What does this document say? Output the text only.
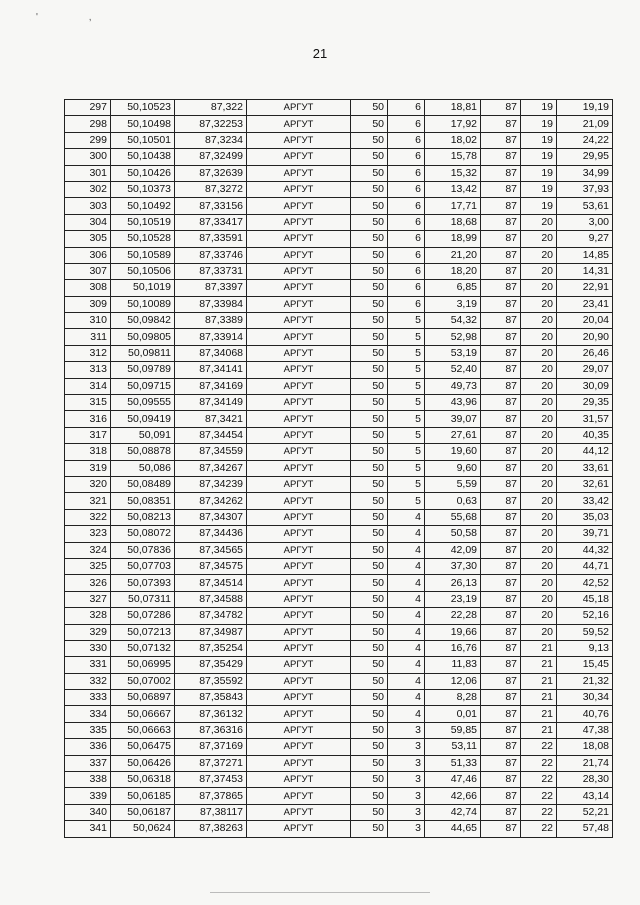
' ,
21
297	50,10523	87,322	АРГУТ	50	6	18,81	87	19	19,19
298	50,10498	87,32253	АРГУТ	50	6	17,92	87	19	21,09
299	50,10501	87,3234	АРГУТ	50	6	18,02	87	19	24,22
300	50,10438	87,32499	АРГУТ	50	6	15,78	87	19	29,95
301	50,10426	87,32639	АРГУТ	50	6	15,32	87	19	34,99
302	50,10373	87,3272	АРГУТ	50	6	13,42	87	19	37,93
303	50,10492	87,33156	АРГУТ	50	6	17,71	87	19	53,61
304	50,10519	87,33417	АРГУТ	50	6	18,68	87	20	3,00
305	50,10528	87,33591	АРГУТ	50	6	18,99	87	20	9,27
306	50,10589	87,33746	АРГУТ	50	6	21,20	87	20	14,85
307	50,10506	87,33731	АРГУТ	50	6	18,20	87	20	14,31
308	50,1019	87,3397	АРГУТ	50	6	6,85	87	20	22,91
309	50,10089	87,33984	АРГУТ	50	6	3,19	87	20	23,41
310	50,09842	87,3389	АРГУТ	50	5	54,32	87	20	20,04
311	50,09805	87,33914	АРГУТ	50	5	52,98	87	20	20,90
312	50,09811	87,34068	АРГУТ	50	5	53,19	87	20	26,46
313	50,09789	87,34141	АРГУТ	50	5	52,40	87	20	29,07
314	50,09715	87,34169	АРГУТ	50	5	49,73	87	20	30,09
315	50,09555	87,34149	АРГУТ	50	5	43,96	87	20	29,35
316	50,09419	87,3421	АРГУТ	50	5	39,07	87	20	31,57
317	50,091	87,34454	АРГУТ	50	5	27,61	87	20	40,35
318	50,08878	87,34559	АРГУТ	50	5	19,60	87	20	44,12
319	50,086	87,34267	АРГУТ	50	5	9,60	87	20	33,61
320	50,08489	87,34239	АРГУТ	50	5	5,59	87	20	32,61
321	50,08351	87,34262	АРГУТ	50	5	0,63	87	20	33,42
322	50,08213	87,34307	АРГУТ	50	4	55,68	87	20	35,03
323	50,08072	87,34436	АРГУТ	50	4	50,58	87	20	39,71
324	50,07836	87,34565	АРГУТ	50	4	42,09	87	20	44,32
325	50,07703	87,34575	АРГУТ	50	4	37,30	87	20	44,71
326	50,07393	87,34514	АРГУТ	50	4	26,13	87	20	42,52
327	50,07311	87,34588	АРГУТ	50	4	23,19	87	20	45,18
328	50,07286	87,34782	АРГУТ	50	4	22,28	87	20	52,16
329	50,07213	87,34987	АРГУТ	50	4	19,66	87	20	59,52
330	50,07132	87,35254	АРГУТ	50	4	16,76	87	21	9,13
331	50,06995	87,35429	АРГУТ	50	4	11,83	87	21	15,45
332	50,07002	87,35592	АРГУТ	50	4	12,06	87	21	21,32
333	50,06897	87,35843	АРГУТ	50	4	8,28	87	21	30,34
334	50,06667	87,36132	АРГУТ	50	4	0,01	87	21	40,76
335	50,06663	87,36316	АРГУТ	50	3	59,85	87	21	47,38
336	50,06475	87,37169	АРГУТ	50	3	53,11	87	22	18,08
337	50,06426	87,37271	АРГУТ	50	3	51,33	87	22	21,74
338	50,06318	87,37453	АРГУТ	50	3	47,46	87	22	28,30
339	50,06185	87,37865	АРГУТ	50	3	42,66	87	22	43,14
340	50,06187	87,38117	АРГУТ	50	3	42,74	87	22	52,21
341	50,0624	87,38263	АРГУТ	50	3	44,65	87	22	57,48
